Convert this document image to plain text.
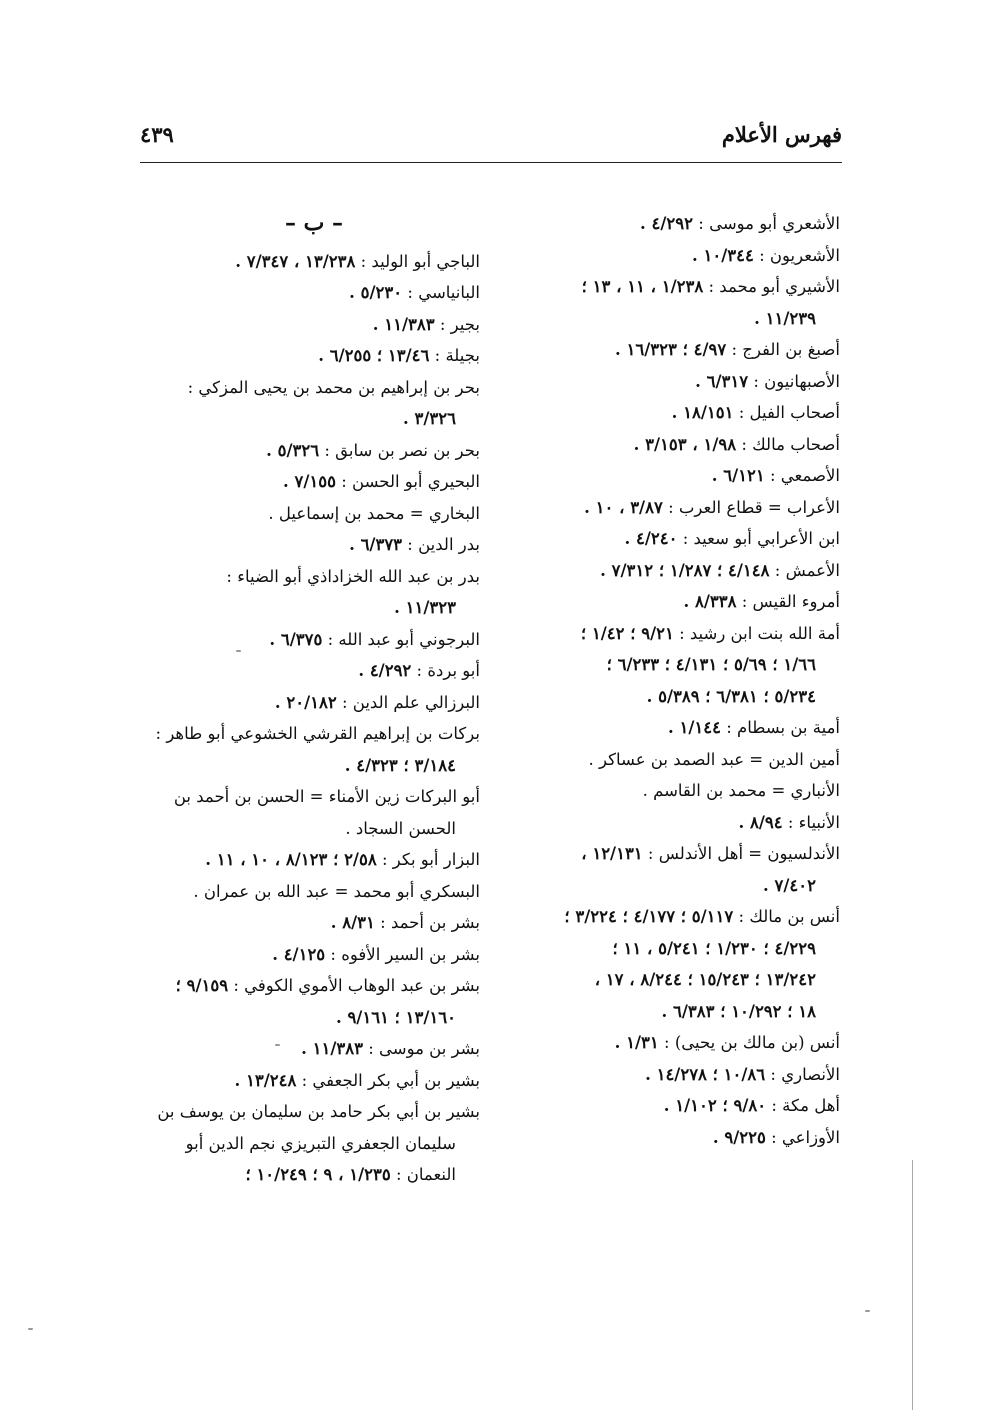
فهرس الأعلام
٤٣٩

الأشعري أبو موسى : ٤/٢٩٢ .

الأشعريون : ١٠/٣٤٤ .

الأشيري أبو محمد : ١/٢٣٨ ، ١١ ، ١٣ ؛

١١/٢٣٩ .

أصبغ بن الفرج : ٤/٩٧ ؛ ١٦/٣٢٣ .

الأصبهانيون : ٦/٣١٧ .

أصحاب الفيل : ١٨/١٥١ .

أصحاب مالك : ١/٩٨ ، ٣/١٥٣ .

الأصمعي : ٦/١٢١ .

الأعراب = قطاع العرب : ٣/٨٧ ، ١٠ .

ابن الأعرابي أبو سعيد : ٤/٢٤٠ .

الأعمش : ٤/١٤٨ ؛ ١/٢٨٧ ؛ ٧/٣١٢ .

أمروء القيس : ٨/٣٣٨ .

أمة الله بنت ابن رشيد : ٩/٢١ ؛ ١/٤٢ ؛

١/٦٦ ؛ ٥/٦٩ ؛ ٤/١٣١ ؛ ٦/٢٣٣ ؛

٥/٢٣٤ ؛ ٦/٣٨١ ؛ ٥/٣٨٩ .

أمية بن بسطام : ١/١٤٤ .

أمين الدين = عبد الصمد بن عساكر .

الأنباري = محمد بن القاسم .

الأنبياء : ٨/٩٤ .

الأندلسيون = أهل الأندلس : ١٢/١٣١ ،

٧/٤٠٢ .

أنس بن مالك : ٥/١١٧ ؛ ٤/١٧٧ ؛ ٣/٢٢٤ ؛

٤/٢٢٩ ؛ ١/٢٣٠ ؛ ٥/٢٤١ ، ١١ ؛

١٣/٢٤٢ ؛ ١٥/٢٤٣ ؛ ٨/٢٤٤ ، ١٧ ،

١٨ ؛ ١٠/٢٩٢ ؛ ٦/٣٨٣ .

أنس (بن مالك بن يحيى) : ١/٣١ .

الأنصاري : ١٠/٨٦ ؛ ١٤/٢٧٨ .

أهل مكة : ٩/٨٠ ؛ ١/١٠٢ .

الأوزاعي : ٩/٢٢٥ .

– ب –

الباجي أبو الوليد : ١٣/٢٣٨ ، ٧/٣٤٧ .

البانياسي : ٥/٢٣٠ .

بجير : ١١/٣٨٣ .

بجيلة : ١٣/٤٦ ؛ ٦/٢٥٥ .

بحر بن إبراهيم بن محمد بن يحيى المزكي :

٣/٣٢٦ .

بحر بن نصر بن سابق : ٥/٣٢٦ .

البحيري أبو الحسن : ٧/١٥٥ .

البخاري = محمد بن إسماعيل .

بدر الدين : ٦/٣٧٣ .

بدر بن عبد الله الخزاداذي أبو الضياء :

١١/٣٢٣ .

البرجوني أبو عبد الله : ٦/٣٧٥ .

أبو بردة : ٤/٢٩٢ .

البرزالي علم الدين : ٢٠/١٨٢ .

بركات بن إبراهيم القرشي الخشوعي أبو طاهر :

٣/١٨٤ ؛ ٤/٣٢٣ .

أبو البركات زين الأمناء = الحسن بن أحمد بن

الحسن السجاد .

البزار أبو بكر : ٢/٥٨ ؛ ٨/١٢٣ ، ١٠ ، ١١ .

البسكري أبو محمد = عبد الله بن عمران .

بشر بن أحمد : ٨/٣١ .

بشر بن السير الأفوه : ٤/١٢٥ .

بشر بن عبد الوهاب الأموي الكوفي : ٩/١٥٩ ؛

١٣/١٦٠ ؛ ٩/١٦١ .

بشر بن موسى : ١١/٣٨٣ .

بشير بن أبي بكر الجعفي : ١٣/٢٤٨ .

بشير بن أبي بكر حامد بن سليمان بن يوسف بن

سليمان الجعفري التبريزي نجم الدين أبو

النعمان : ١/٢٣٥ ، ٩ ؛ ١٠/٢٤٩ ؛
